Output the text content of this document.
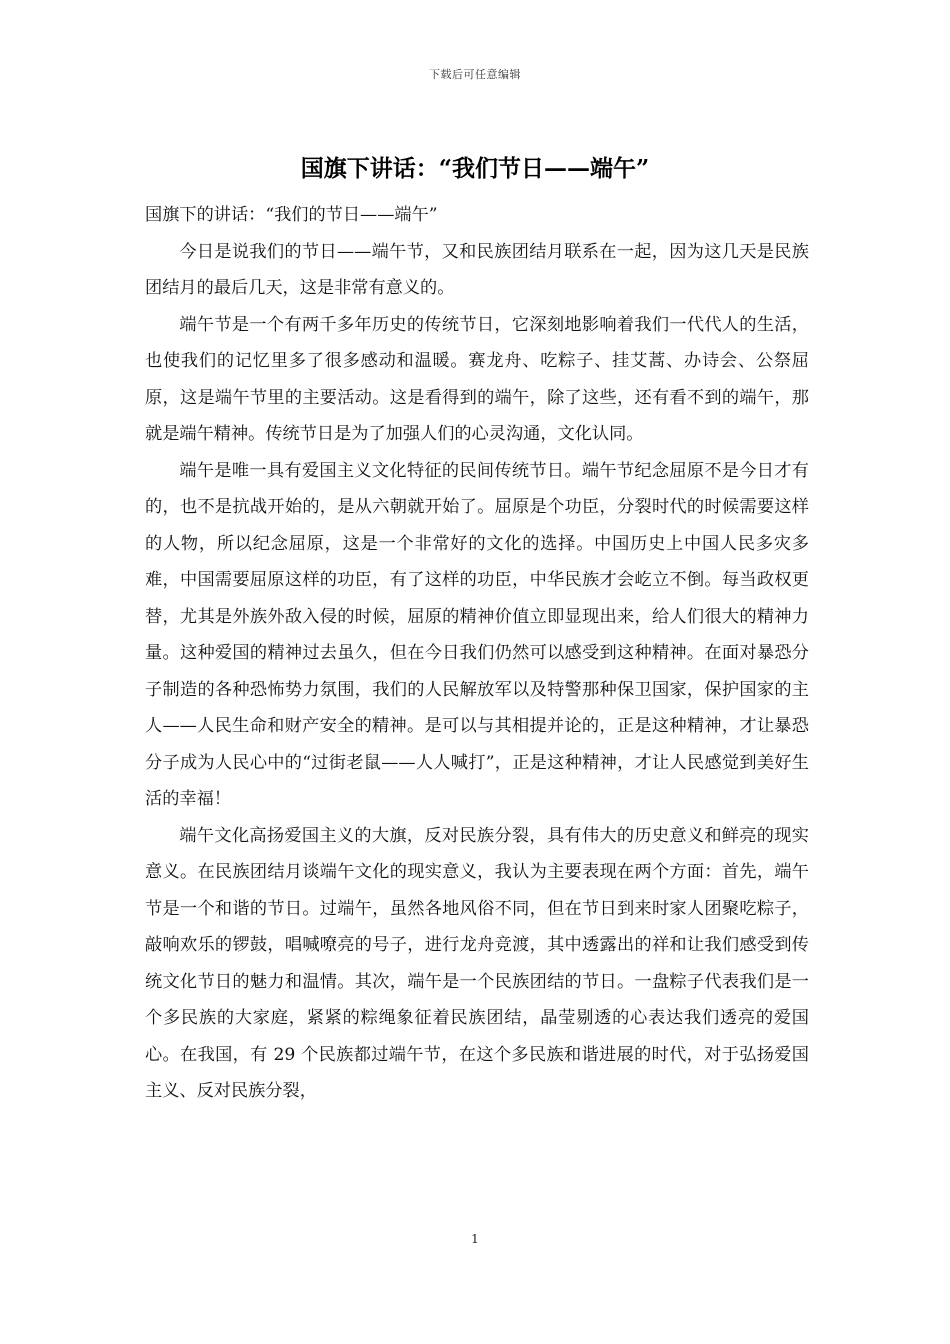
下载后可任意编辑
国旗下讲话：“我们节日——端午”

国旗下的讲话：“我们的节日——端午”

今日是说我们的节日——端午节，又和民族团结月联系在一起，因为这几天是民族团结月的最后几天，这是非常有意义的。

端午节是一个有两千多年历史的传统节日，它深刻地影响着我们一代代人的生活，也使我们的记忆里多了很多感动和温暖。赛龙舟、吃粽子、挂艾蒿、办诗会、公祭屈原，这是端午节里的主要活动。这是看得到的端午，除了这些，还有看不到的端午，那就是端午精神。传统节日是为了加强人们的心灵沟通，文化认同。

端午是唯一具有爱国主义文化特征的民间传统节日。端午节纪念屈原不是今日才有的，也不是抗战开始的，是从六朝就开始了。屈原是个功臣，分裂时代的时候需要这样的人物，所以纪念屈原，这是一个非常好的文化的选择。中国历史上中国人民多灾多难，中国需要屈原这样的功臣，有了这样的功臣，中华民族才会屹立不倒。每当政权更替，尤其是外族外敌入侵的时候，屈原的精神价值立即显现出来，给人们很大的精神力量。这种爱国的精神过去虽久，但在今日我们仍然可以感受到这种精神。在面对暴恐分子制造的各种恐怖势力氛围，我们的人民解放军以及特警那种保卫国家，保护国家的主人——人民生命和财产安全的精神。是可以与其相提并论的，正是这种精神，才让暴恐分子成为人民心中的“过街老鼠——人人喊打”，正是这种精神，才让人民感觉到美好生活的幸福！

端午文化高扬爱国主义的大旗，反对民族分裂，具有伟大的历史意义和鲜亮的现实意义。在民族团结月谈端午文化的现实意义，我认为主要表现在两个方面：首先，端午节是一个和谐的节日。过端午，虽然各地风俗不同，但在节日到来时家人团聚吃粽子，敲响欢乐的锣鼓，唱喊嘹亮的号子，进行龙舟竞渡，其中透露出的祥和让我们感受到传统文化节日的魅力和温情。其次，端午是一个民族团结的节日。一盘粽子代表我们是一个多民族的大家庭，紧紧的粽绳象征着民族团结，晶莹剔透的心表达我们透亮的爱国心。在我国，有 29 个民族都过端午节，在这个多民族和谐进展的时代，对于弘扬爱国主义、反对民族分裂，

1
